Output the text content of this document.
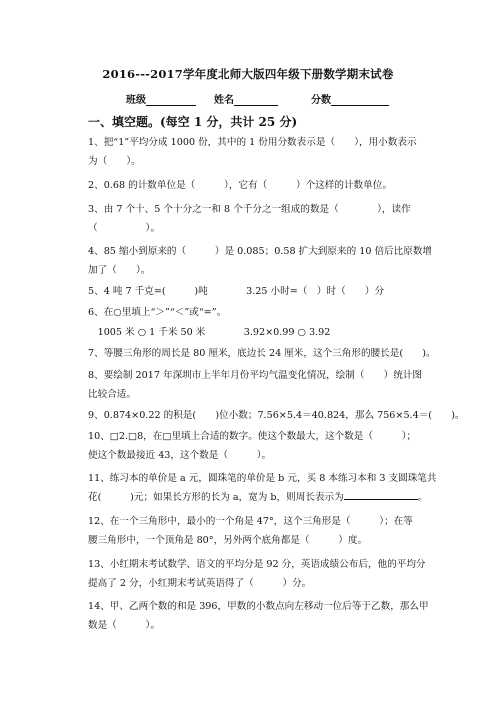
2016---2017学年度北师大版四年级下册数学期末试卷
班级	姓名	分数
一、填空题。(每空 1 分，共计 25 分)
1、把“1”平均分成 1000 份，其中的 1 份用分数表示是（　　），用小数表示
为（　　）。
2、0.68 的计数单位是（　　　），它有（　　　）个这样的计数单位。
3、由 7 个十、5 个十分之一和 8 个千分之一组成的数是（　　　　），读作
（　　　　　）。
4、85 缩小到原来的（　　　）是 0.085；0.58 扩大到原来的 10 倍后比原数增
加了（　　）。
5、4 吨 7 千克=(　　　)吨　　　　3.25 小时=（　）时（　　）分
6、在○里填上“＞”“＜”或“=”。
　1005 米 ○ 1 千米 50 米　　　　3.92×0.99 ○ 3.92
7、等腰三角形的周长是 80 厘米，底边长 24 厘米，这个三角形的腰长是(　　)。
8、要绘制 2017 年深圳市上半年月份平均气温变化情况，绘制（　　）统计图
比较合适。
9、0.874×0.22 的积是(　　)位小数；7.56×5.4＝40.824，那么 756×5.4＝(　　)。
10、□2.□8，在□里填上合适的数字。使这个数最大，这个数是（　　　）；
使这个数最接近 43，这个数是（　　　）。
11、练习本的单价是 a 元，圆珠笔的单价是 b 元，买 8 本练习本和 3 支圆珠笔共
花(　　　)元；如果长方形的长为 a，宽为 b，则周长表示为	。
12、在一个三角形中，最小的一个角是 47°，这个三角形是（　　　）；在等
腰三角形中，一个顶角是 80°，另外两个底角都是（　　　）度。
13、小红期末考试数学、语文的平均分是 92 分，英语成绩公布后，他的平均分
提高了 2 分，小红期末考试英语得了（　　　）分。
14、甲、乙两个数的和是 396，甲数的小数点向左移动一位后等于乙数，那么甲
数是（　　　）。
